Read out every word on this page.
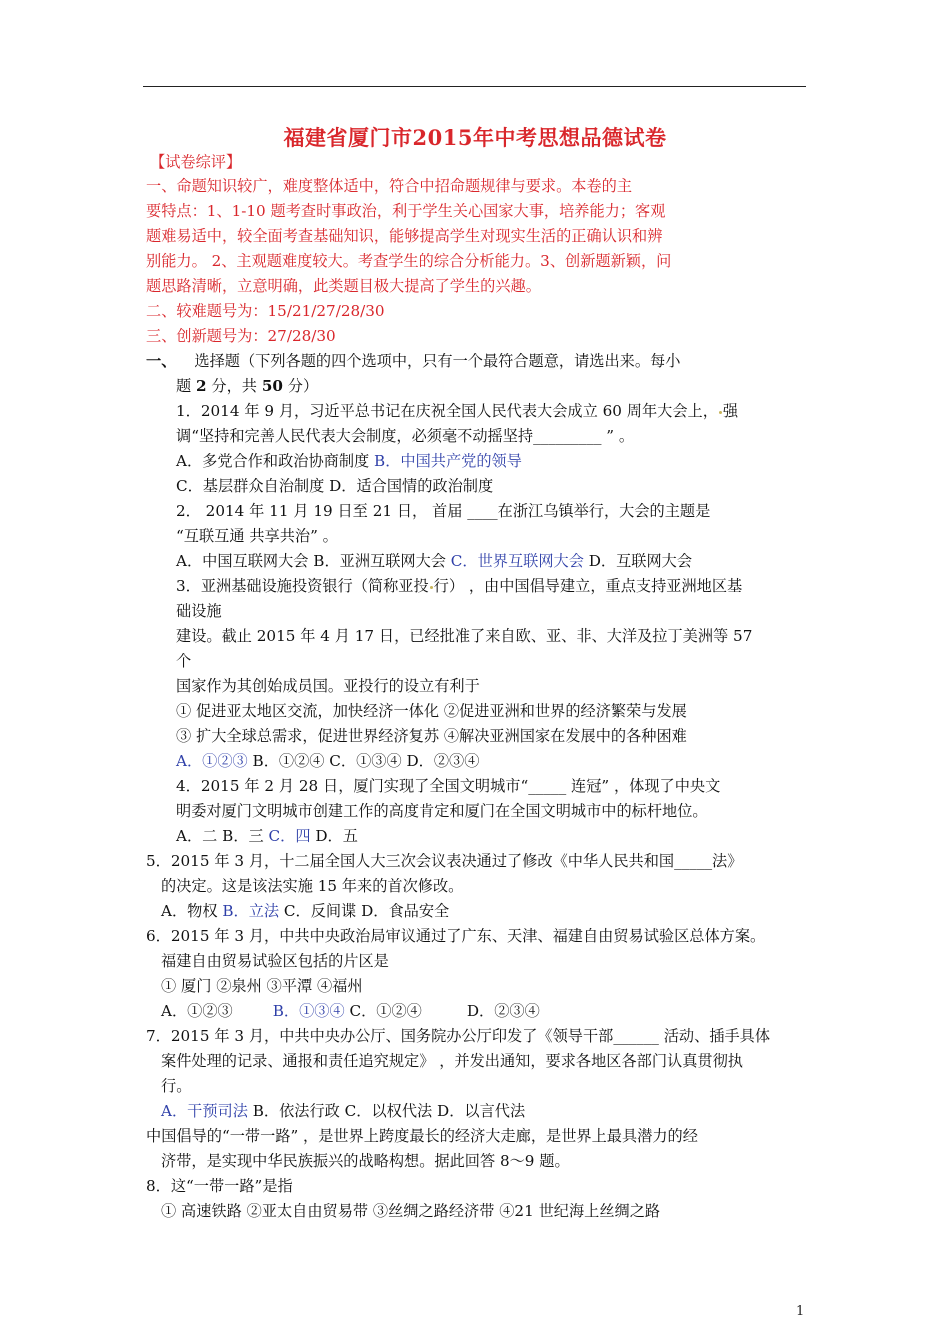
福建省厦门市2015年中考思想品德试卷
【试卷综评】
一、命题知识较广，难度整体适中，符合中招命题规律与要求。本卷的主
要特点：1、1-10 题考查时事政治，利于学生关心国家大事，培养能力；客观
题难易适中，较全面考查基础知识，能够提高学生对现实生活的正确认识和辨
别能力。 2、主观题难度较大。考查学生的综合分析能力。3、创新题新颖，问
题思路清晰，立意明确，此类题目极大提高了学生的兴趣。
二、较难题号为：15/21/27/28/30
三、创新题号为：27/28/30
一、 选择题（下列各题的四个选项中，只有一个最符合题意，请选出来。每小
题 2 分，共 50 分）
1．2014 年 9 月，习近平总书记在庆祝全国人民代表大会成立 60 周年大会上， 强
调“坚持和完善人民代表大会制度，必须毫不动摇坚持_________ ” 。
A．多党合作和政治协商制度 B．中国共产党的领导
C．基层群众自治制度 D．适合国情的政治制度
2． 2014 年 11 月 19 日至 21 日， 首届 ____在浙江乌镇举行，大会的主题是
“互联互通 共享共治” 。
A．中国互联网大会 B．亚洲互联网大会 C．世界互联网大会 D．互联网大会
3．亚洲基础设施投资银行（简称亚投 行） ，由中国倡导建立，重点支持亚洲地区基
础设施
建设。截止 2015 年 4 月 17 日，已经批准了来自欧、亚、非、大洋及拉丁美洲等 57
个
国家作为其创始成员国。亚投行的设立有利于
① 促进亚太地区交流，加快经济一体化 ②促进亚洲和世界的经济繁荣与发展
③ 扩大全球总需求，促进世界经济复苏 ④解决亚洲国家在发展中的各种困难
A．①②③ B．①②④ C．①③④ D．②③④
4．2015 年 2 月 28 日，厦门实现了全国文明城市“_____ 连冠” ，体现了中央文
明委对厦门文明城市创建工作的高度肯定和厦门在全国文明城市中的标杆地位。
A．二 B．三 C．四 D．五
5．2015 年 3 月，十二届全国人大三次会议表决通过了修改《中华人民共和国_____法》
的决定。这是该法实施 15 年来的首次修改。
A．物权 B．立法 C．反间谍 D．食品安全
6．2015 年 3 月，中共中央政治局审议通过了广东、天津、福建自由贸易试验区总体方案。
福建自由贸易试验区包括的片区是
① 厦门 ②泉州 ③平潭 ④福州
A．①②③	B．①③④ C．①②④	D．②③④
7．2015 年 3 月，中共中央办公厅、国务院办公厅印发了《领导干部______ 活动、插手具体
案件处理的记录、通报和责任追究规定》 ，并发出通知，要求各地区各部门认真贯彻执
行。
A．干预司法 B．依法行政 C．以权代法 D．以言代法
中国倡导的“一带一路” ，是世界上跨度最长的经济大走廊，是世界上最具潜力的经
济带，是实现中华民族振兴的战略构想。据此回答 8～9 题。
8．这“一带一路”是指
① 高速铁路 ②亚太自由贸易带 ③丝绸之路经济带 ④21 世纪海上丝绸之路
1
